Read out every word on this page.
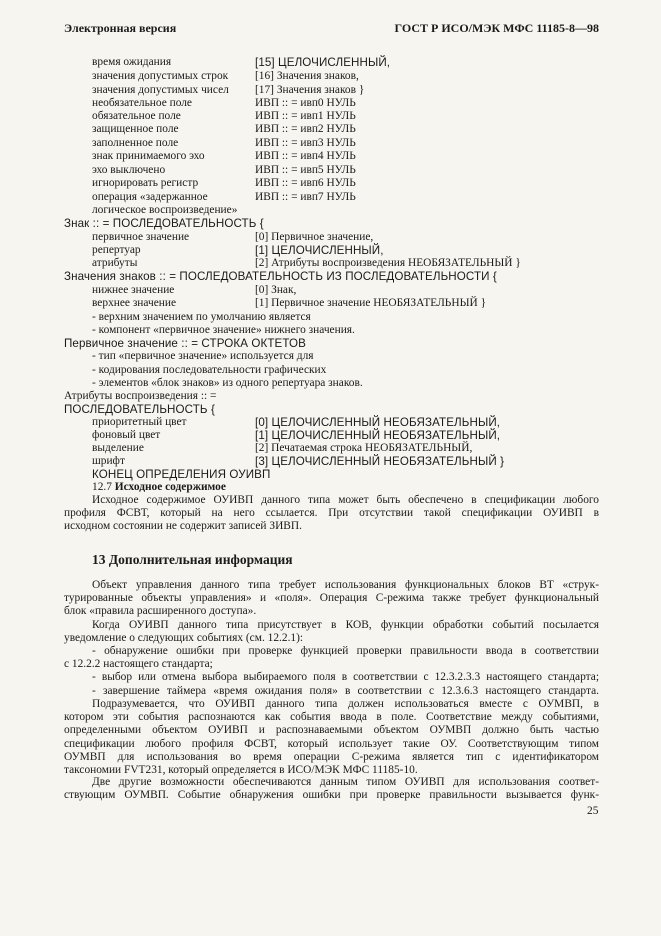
Электронная версия	ГОСТ Р ИСО/МЭК МФС 11185-8—98
время ожидания	[15] ЦЕЛОЧИСЛЕННЫЙ,
значения допустимых строк [16] Значения знаков,
значения допустимых чисел [17] Значения знаков }
необязательное поле	ИВП :: = ивп0 НУЛЬ
обязательное поле	ИВП :: = ивп1 НУЛЬ
защищенное поле	ИВП :: = ивп2 НУЛЬ
заполненное поле	ИВП :: = ивп3 НУЛЬ
знак принимаемого эхо	ИВП :: = ивп4 НУЛЬ
эхо выключено	ИВП :: = ивп5 НУЛЬ
игнорировать регистр	ИВП :: = ивп6 НУЛЬ
операция «задержанное	ИВП :: = ивп7 НУЛЬ
логическое воспроизведение»
Знак :: = ПОСЛЕДОВАТЕЛЬНОСТЬ {
первичное значение	[0] Первичное значение,
репертуар	[1] ЦЕЛОЧИСЛЕННЫЙ,
атрибуты	[2] Атрибуты воспроизведения НЕОБЯЗАТЕЛЬНЫЙ }
Значения знаков :: = ПОСЛЕДОВАТЕЛЬНОСТЬ ИЗ ПОСЛЕДОВАТЕЛЬНОСТИ {
нижнее значение	[0] Знак,
верхнее значение	[1] Первичное значение НЕОБЯЗАТЕЛЬНЫЙ }
- верхним значением по умолчанию является
- компонент «первичное значение» нижнего значения.
Первичное значение :: = СТРОКА ОКТЕТОВ
- тип «первичное значение» используется для
- кодирования последовательности графических
- элементов «блок знаков» из одного репертуара знаков.
Атрибуты воспроизведения :: =
ПОСЛЕДОВАТЕЛЬНОСТЬ {
приоритетный цвет	[0] ЦЕЛОЧИСЛЕННЫЙ НЕОБЯЗАТЕЛЬНЫЙ,
фоновый цвет	[1] ЦЕЛОЧИСЛЕННЫЙ НЕОБЯЗАТЕЛЬНЫЙ,
выделение	[2] Печатаемая строка НЕОБЯЗАТЕЛЬНЫЙ,
шрифт	[3] ЦЕЛОЧИСЛЕННЫЙ НЕОБЯЗАТЕЛЬНЫЙ }
КОНЕЦ ОПРЕДЕЛЕНИЯ ОУИВП
12.7 Исходное содержимое
Исходное содержимое ОУИВП данного типа может быть обеспечено в спецификации любого
профиля ФСВТ, который на него ссылается. При отсутствии такой спецификации ОУИВП в
исходном состоянии не содержит записей ЗИВП.
13 Дополнительная информация
Объект управления данного типа требует использования функциональных блоков ВТ «струк-
турированные объекты управления» и «поля». Операция С-режима также требует функциональный
блок «правила расширенного доступа».
Когда ОУИВП данного типа присутствует в КОВ, функции обработки событий посылается
уведомление о следующих событиях (см. 12.2.1):
- обнаружение ошибки при проверке функцией проверки правильности ввода в соответствии
с 12.2.2 настоящего стандарта;
- выбор или отмена выбора выбираемого поля в соответствии с 12.3.2.3.3 настоящего стандарта;
- завершение таймера «время ожидания поля» в соответствии с 12.3.6.3 настоящего стандарта.
Подразумевается, что ОУИВП данного типа должен использоваться вместе с ОУМВП, в
котором эти события распознаются как события ввода в поле. Соответствие между событиями,
определенными объектом ОУИВП и распознаваемыми объектом ОУМВП должно быть частью
спецификации любого профиля ФСВТ, который использует такие ОУ. Соответствующим типом
ОУМВП для использования во время операции С-режима является тип с идентификатором
таксономии FVT231, который определяется в ИСО/МЭК МФС 11185-10.
Две другие возможности обеспечиваются данным типом ОУИВП для использования соответ-
ствующим ОУМВП. Событие обнаружения ошибки при проверке правильности вызывается функ-
25
